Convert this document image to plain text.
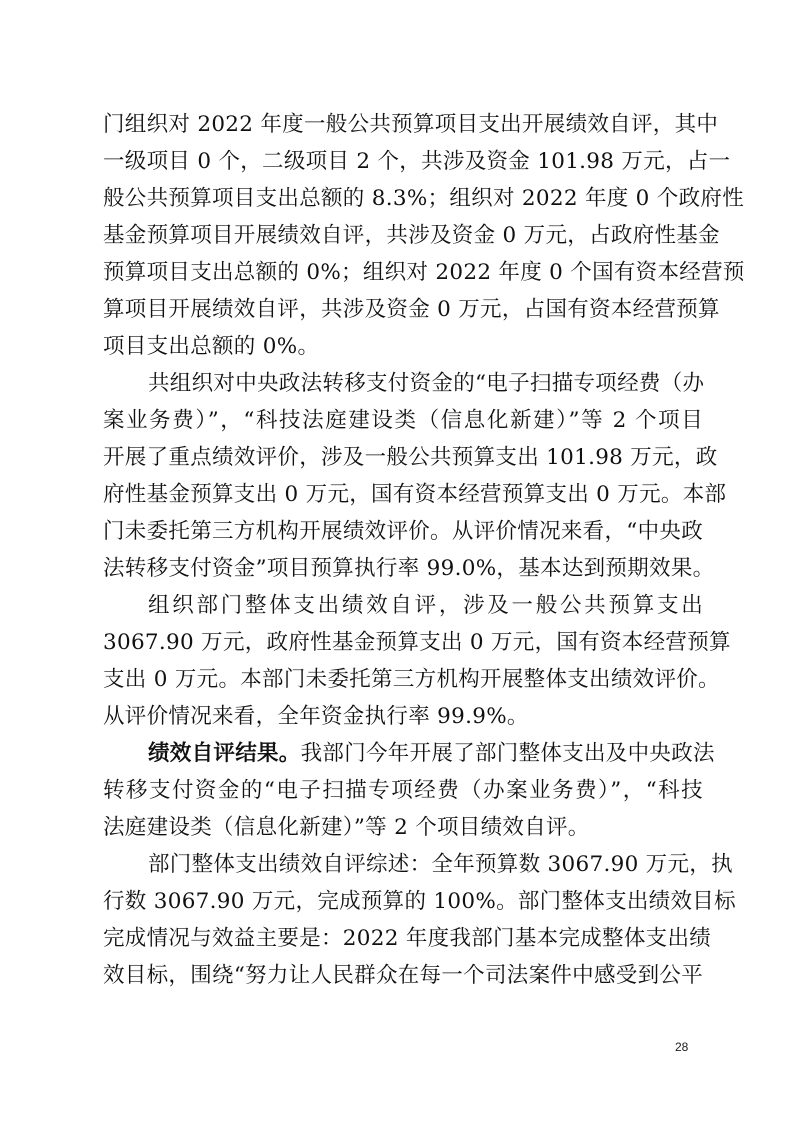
门组织对 2022 年度一般公共预算项目支出开展绩效自评，其中
一级项目 0 个，二级项目 2 个，共涉及资金 101.98 万元，占一
般公共预算项目支出总额的 8.3%；组织对 2022 年度 0 个政府性
基金预算项目开展绩效自评，共涉及资金 0 万元，占政府性基金
预算项目支出总额的 0%；组织对 2022 年度 0 个国有资本经营预
算项目开展绩效自评，共涉及资金 0 万元，占国有资本经营预算
项目支出总额的 0%。
共组织对中央政法转移支付资金的“电子扫描专项经费（办
案业务费）”，“科技法庭建设类（信息化新建）”等 2 个项目
开展了重点绩效评价，涉及一般公共预算支出 101.98 万元，政
府性基金预算支出 0 万元，国有资本经营预算支出 0 万元。本部
门未委托第三方机构开展绩效评价。从评价情况来看，“中央政
法转移支付资金”项目预算执行率 99.0%，基本达到预期效果。
组织部门整体支出绩效自评，涉及一般公共预算支出
3067.90 万元，政府性基金预算支出 0 万元，国有资本经营预算
支出 0 万元。本部门未委托第三方机构开展整体支出绩效评价。
从评价情况来看，全年资金执行率 99.9%。
绩效自评结果。我部门今年开展了部门整体支出及中央政法
转移支付资金的“电子扫描专项经费（办案业务费）”，“科技
法庭建设类（信息化新建）”等 2 个项目绩效自评。
部门整体支出绩效自评综述：全年预算数 3067.90 万元，执
行数 3067.90 万元，完成预算的 100%。部门整体支出绩效目标
完成情况与效益主要是：2022 年度我部门基本完成整体支出绩
效目标，围绕“努力让人民群众在每一个司法案件中感受到公平
28
